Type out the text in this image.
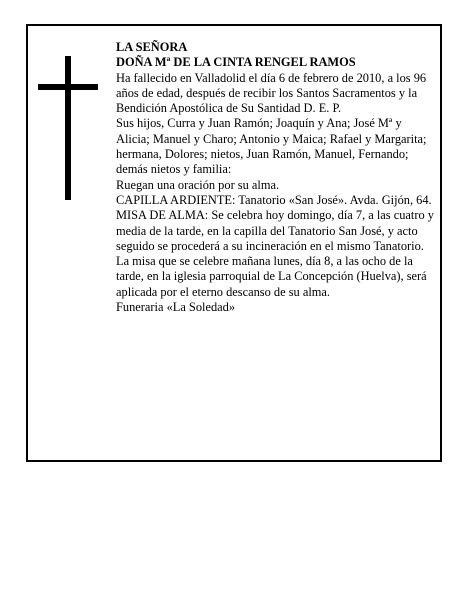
LA SEÑORA

DOÑA Mª DE LA CINTA RENGEL RAMOS

Ha fallecido en Valladolid el día 6 de febrero de 2010, a los 96 años de edad, después de recibir los Santos Sacramentos y la Bendición Apostólica de Su Santidad D. E. P.

Sus hijos, Curra y Juan Ramón; Joaquín y Ana; José Mª y Alicia; Manuel y Charo; Antonio y Maica; Rafael y Margarita; hermana, Dolores; nietos, Juan Ramón, Manuel, Fernando; demás nietos y familia:

Ruegan una oración por su alma.

CAPILLA ARDIENTE: Tanatorio «San José». Avda. Gijón, 64.

MISA DE ALMA: Se celebra hoy domingo, día 7, a las cuatro y media de la tarde, en la capilla del Tanatorio San José, y acto seguido se procederá a su incineración en el mismo Tanatorio.

La misa que se celebre mañana lunes, día 8, a las ocho de la tarde, en la iglesia parroquial de La Concepción (Huelva), será aplicada por el eterno descanso de su alma.

Funeraria «La Soledad»
